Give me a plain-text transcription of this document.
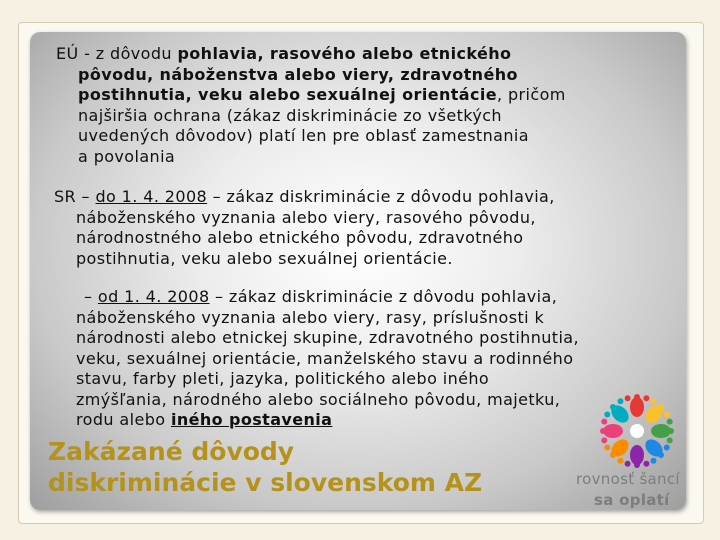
EÚ - z dôvodu pohlavia, rasového alebo etnického
pôvodu, náboženstva alebo viery, zdravotného
postihnutia, veku alebo sexuálnej orientácie, pričom
najširšia ochrana (zákaz diskriminácie zo všetkých
uvedených dôvodov) platí len pre oblasť zamestnania
a povolania
SR – do 1. 4. 2008 – zákaz diskriminácie z dôvodu pohlavia,
náboženského vyznania alebo viery, rasového pôvodu,
národnostného alebo etnického pôvodu, zdravotného
postihnutia, veku alebo sexuálnej orientácie.
– od 1. 4. 2008 – zákaz diskriminácie z dôvodu pohlavia,
náboženského vyznania alebo viery, rasy, príslušnosti k
národnosti alebo etnickej skupine, zdravotného postihnutia,
veku, sexuálnej orientácie, manželského stavu a rodinného
stavu, farby pleti, jazyka, politického alebo iného
zmýšľania, národného alebo sociálneho pôvodu, majetku,
rodu alebo iného postavenia
Zakázané dôvody
diskriminácie v slovenskom AZ	rovnosť šancí
sa oplatí
